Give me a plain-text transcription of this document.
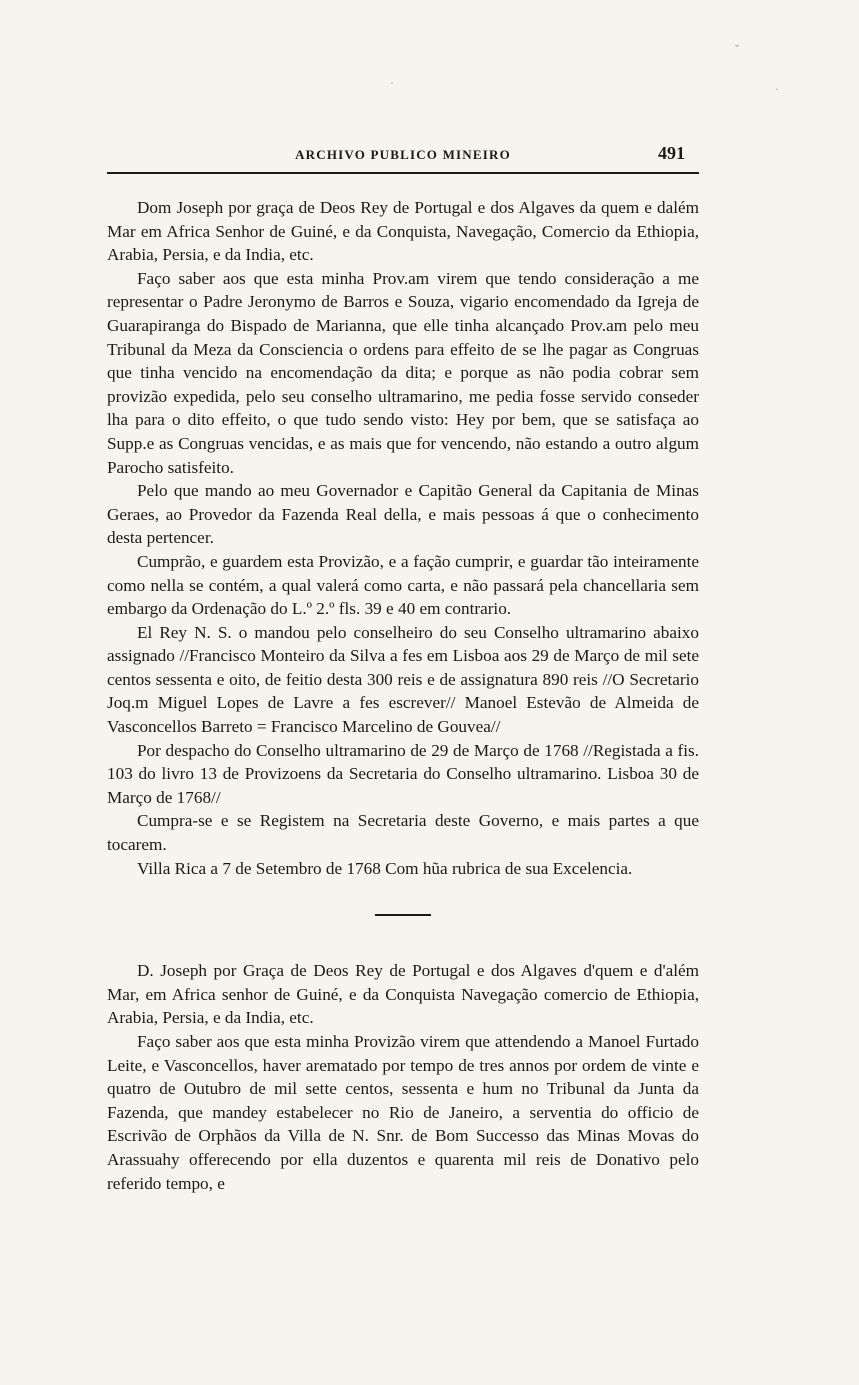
ˇ
·
·
ARCHIVO PUBLICO MINEIRO	491

Dom Joseph por graça de Deos Rey de Portugal e dos Algaves da quem e dalém Mar em Africa Senhor de Guiné, e da Conquista, Navegação, Comercio da Ethiopia, Arabia, Persia, e da India, etc.

Faço saber aos que esta minha Prov.am virem que tendo consideração a me representar o Padre Jeronymo de Barros e Souza, vigario encomendado da Igreja de Guarapiranga do Bispado de Marianna, que elle tinha alcançado Prov.am pelo meu Tribunal da Meza da Consciencia o ordens para effeito de se lhe pagar as Congruas que tinha vencido na encomendação da dita; e porque as não podia cobrar sem provizão expedida, pelo seu conselho ultramarino, me pedia fosse servido conseder lha para o dito effeito, o que tudo sendo visto: Hey por bem, que se satisfaça ao Supp.e as Congruas vencidas, e as mais que for vencendo, não estando a outro algum Parocho satisfeito.

Pelo que mando ao meu Governador e Capitão General da Capitania de Minas Geraes, ao Provedor da Fazenda Real della, e mais pessoas á que o conhecimento desta pertencer.

Cumprão, e guardem esta Provizão, e a fação cumprir, e guardar tão inteiramente como nella se contém, a qual valerá como carta, e não passará pela chancellaria sem embargo da Ordenação do L.º 2.º fls. 39 e 40 em contrario.

El Rey N. S. o mandou pelo conselheiro do seu Conselho ultramarino abaixo assignado //Francisco Monteiro da Silva a fes em Lisboa aos 29 de Março de mil sete centos sessenta e oito, de feitio desta 300 reis e de assignatura 890 reis //O Secretario Joq.m Miguel Lopes de Lavre a fes escrever// Manoel Estevão de Almeida de Vasconcellos Barreto = Francisco Marcelino de Gouvea//

Por despacho do Conselho ultramarino de 29 de Março de 1768 //Registada a fis. 103 do livro 13 de Provizoens da Secretaria do Conselho ultramarino. Lisboa 30 de Março de 1768//

Cumpra-se e se Registem na Secretaria deste Governo, e mais partes a que tocarem.

Villa Rica a 7 de Setembro de 1768 Com hũa rubrica de sua Excelencia.

D. Joseph por Graça de Deos Rey de Portugal e dos Algaves d'quem e d'além Mar, em Africa senhor de Guiné, e da Conquista Navegação comercio de Ethiopia, Arabia, Persia, e da India, etc.

Faço saber aos que esta minha Provizão virem que attendendo a Manoel Furtado Leite, e Vasconcellos, haver arematado por tempo de tres annos por ordem de vinte e quatro de Outubro de mil sette centos, sessenta e hum no Tribunal da Junta da Fazenda, que mandey estabelecer no Rio de Janeiro, a serventia do officio de Escrivão de Orphãos da Villa de N. Snr. de Bom Successo das Minas Movas do Arassuahy offerecendo por ella duzentos e quarenta mil reis de Donativo pelo referido tempo, e
